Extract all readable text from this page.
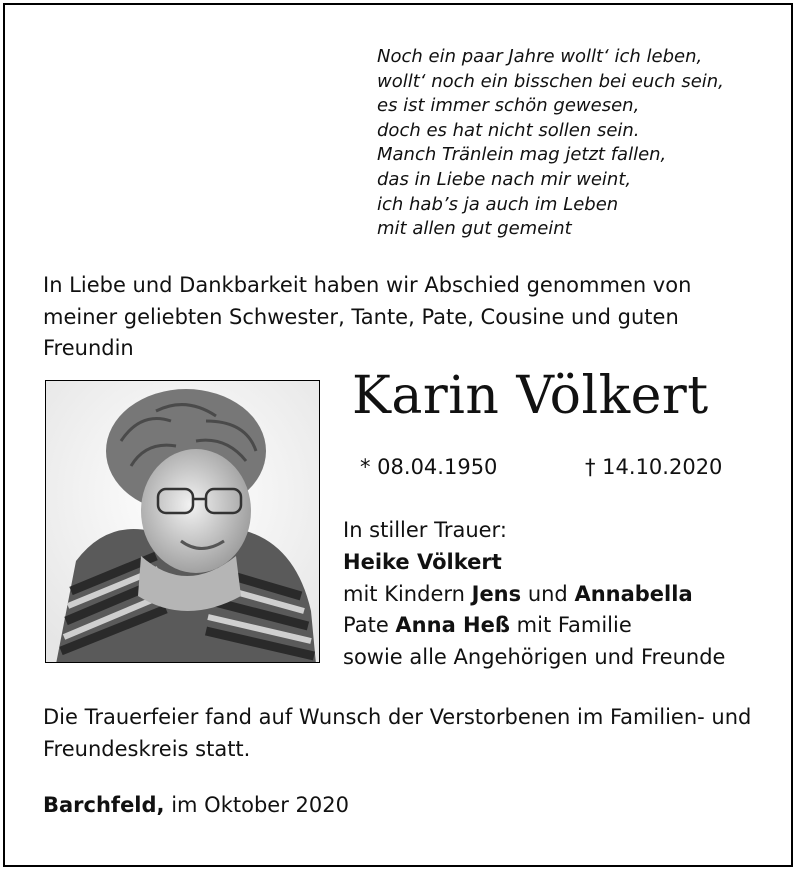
Noch ein paar Jahre wollt‘ ich leben,
wollt‘ noch ein bisschen bei euch sein,
es ist immer schön gewesen,
doch es hat nicht sollen sein.
Manch Tränlein mag jetzt fallen,
das in Liebe nach mir weint,
ich hab’s ja auch im Leben
mit allen gut gemeint
In Liebe und Dankbarkeit haben wir Abschied genommen von meiner geliebten Schwester, Tante, Pate, Cousine und guten Freundin
Karin Völkert
* 08.04.1950	† 14.10.2020
In stiller Trauer:
Heike Völkert
mit Kindern Jens und Annabella
Pate Anna Heß mit Familie
sowie alle Angehörigen und Freunde
Die Trauerfeier fand auf Wunsch der Verstorbenen im Familien- und Freundeskreis statt.
Barchfeld, im Oktober 2020
